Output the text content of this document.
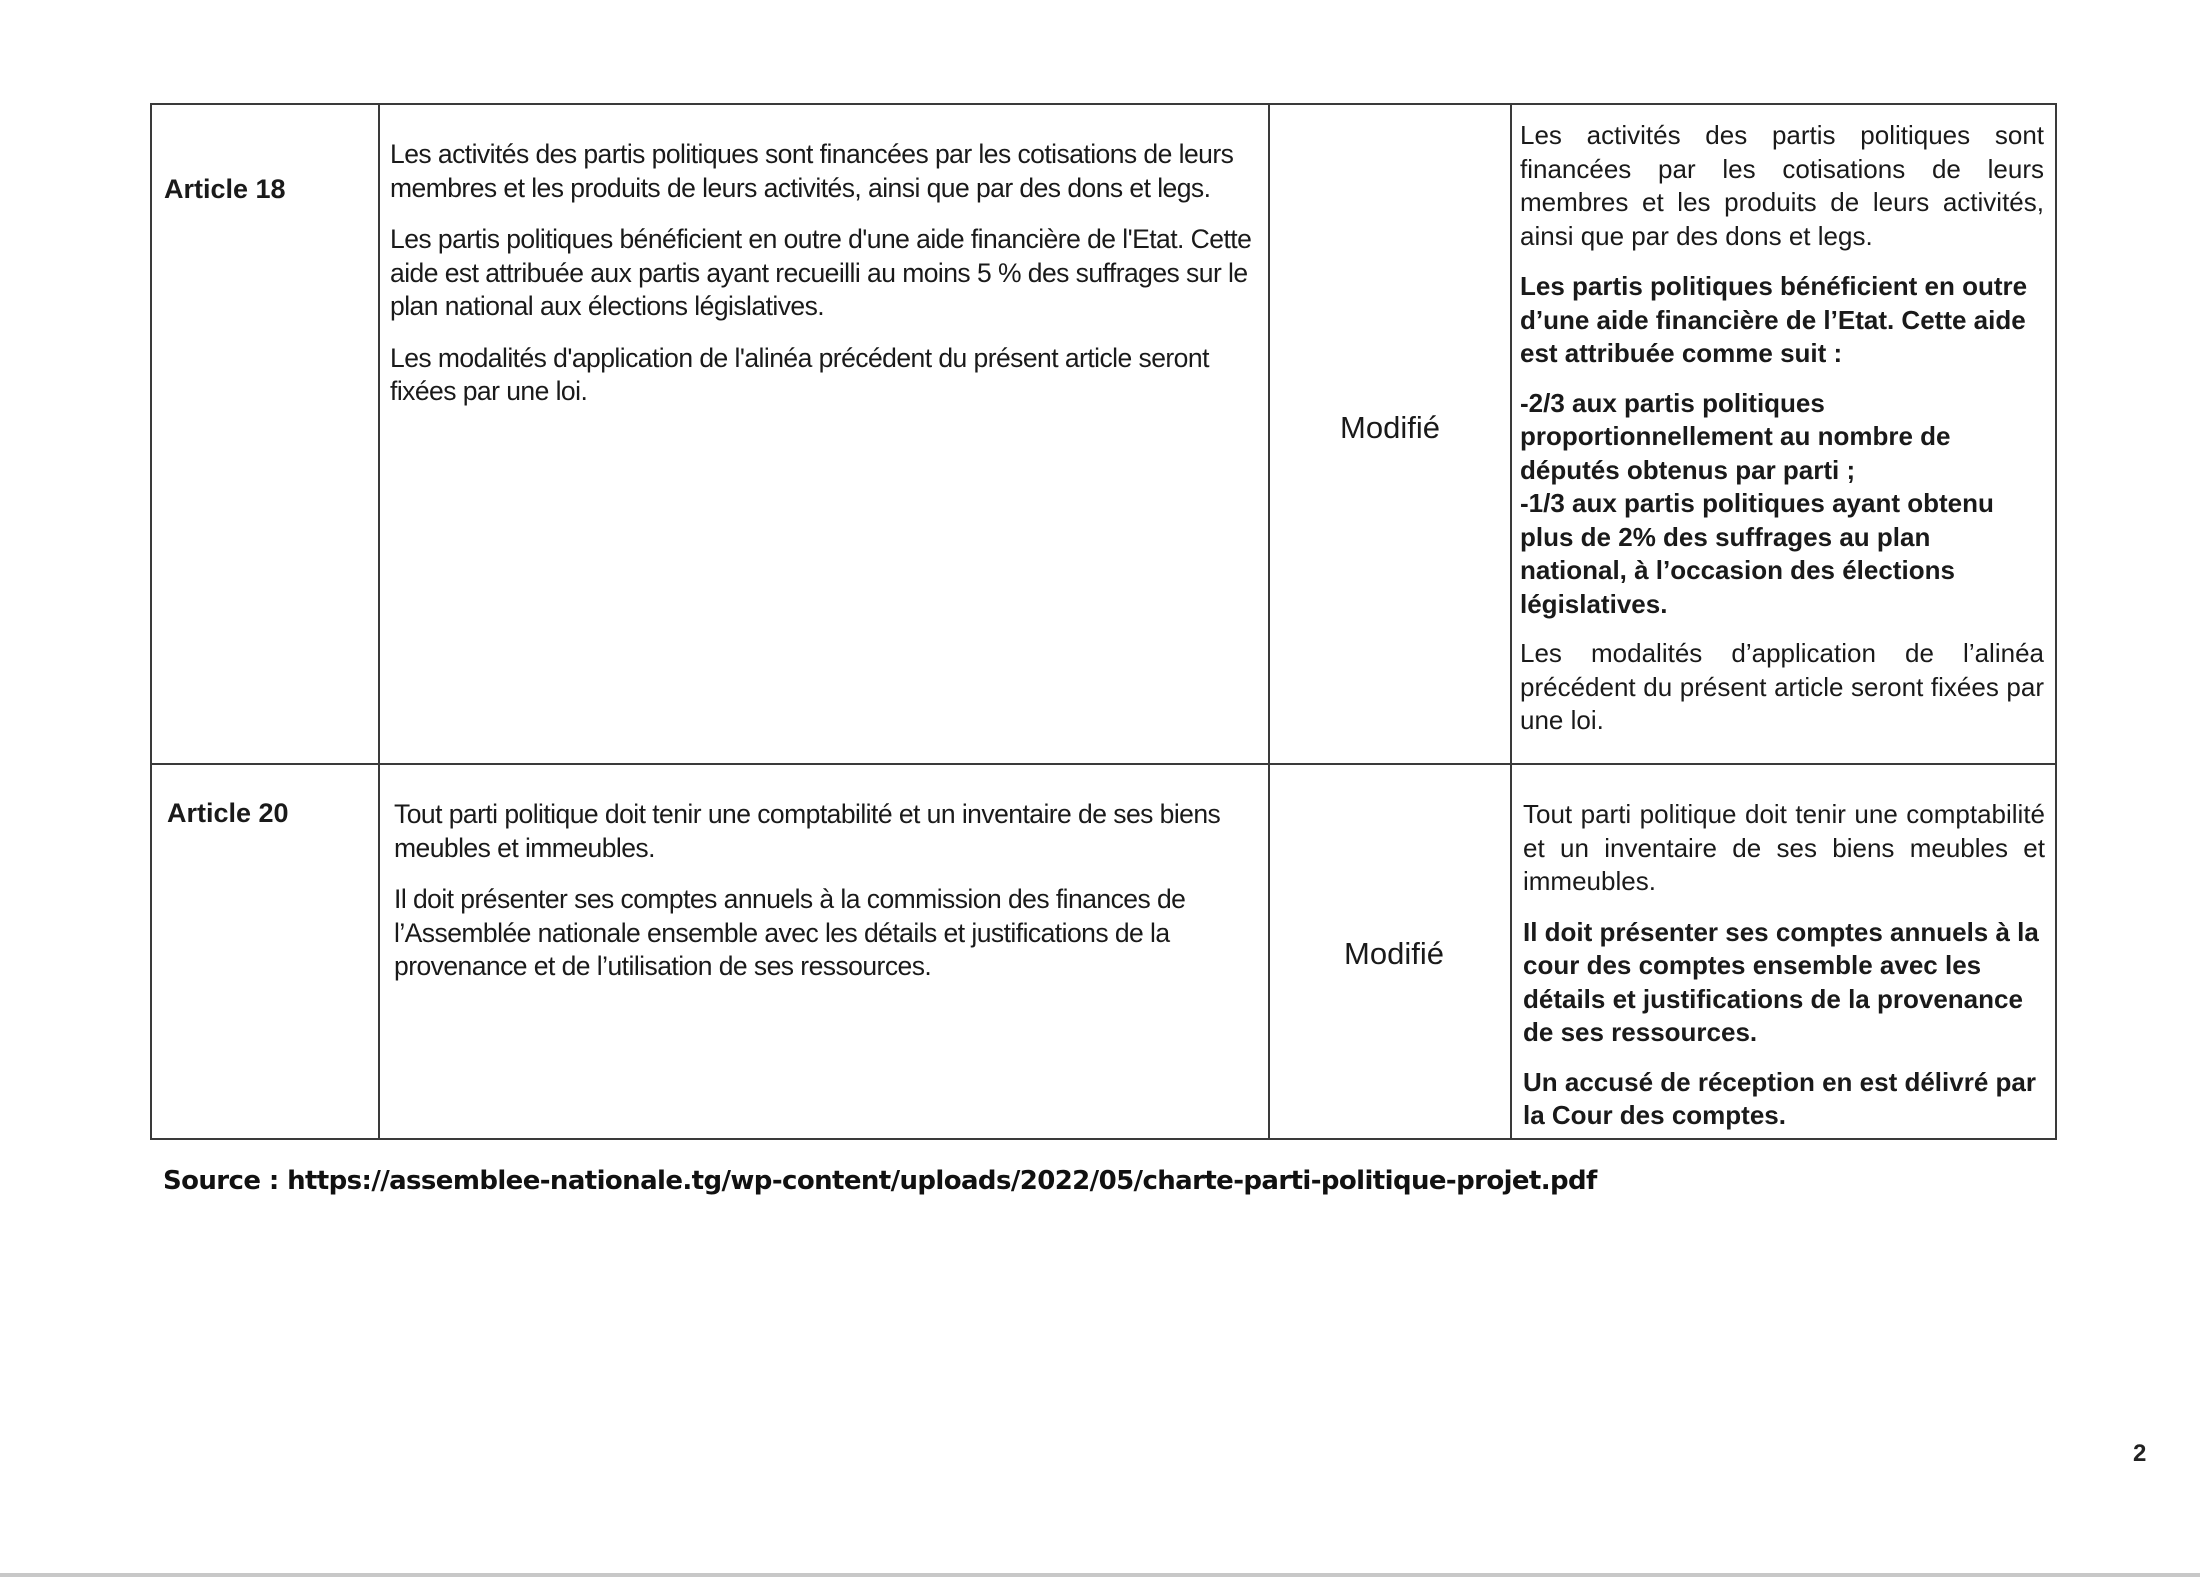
Article 18

Les activités des partis politiques sont financées par les cotisations de leurs membres et les produits de leurs activités, ainsi que par des dons et legs.

Les partis politiques bénéficient en outre d'une aide financière de l'Etat. Cette aide est attribuée aux partis ayant recueilli au moins 5 % des suffrages sur le plan national aux élections législatives.

Les modalités d'application de l'alinéa précédent du présent article seront fixées par une loi.

Modifié

Les activités des partis politiques sont financées par les cotisations de leurs membres et les produits de leurs activités, ainsi que par des dons et legs.

Les partis politiques bénéficient en outre d’une aide financière de l’Etat. Cette aide est attribuée comme suit :

-2/3 aux partis politiques proportionnellement au nombre de députés obtenus par parti ;

-1/3 aux partis politiques ayant obtenu plus de 2% des suffrages au plan national, à l’occasion des élections législatives.

Les modalités d’application de l’alinéa précédent du présent article seront fixées par une loi.

Article 20	Tout parti politique doit tenir une comptabilité et un inventaire de ses biens meubles et immeubles.

Il doit présenter ses comptes annuels à la commission des finances de l’Assemblée nationale ensemble avec les détails et justifications de la provenance et de l’utilisation de ses ressources.	Modifié

Tout parti politique doit tenir une comptabilité et un inventaire de ses biens meubles et immeubles.

Il doit présenter ses comptes annuels à la cour des comptes ensemble avec les détails et justifications de la provenance de ses ressources.

Un accusé de réception en est délivré par la Cour des comptes.

Source : https://assemblee-nationale.tg/wp-content/uploads/2022/05/charte-parti-politique-projet.pdf
2
